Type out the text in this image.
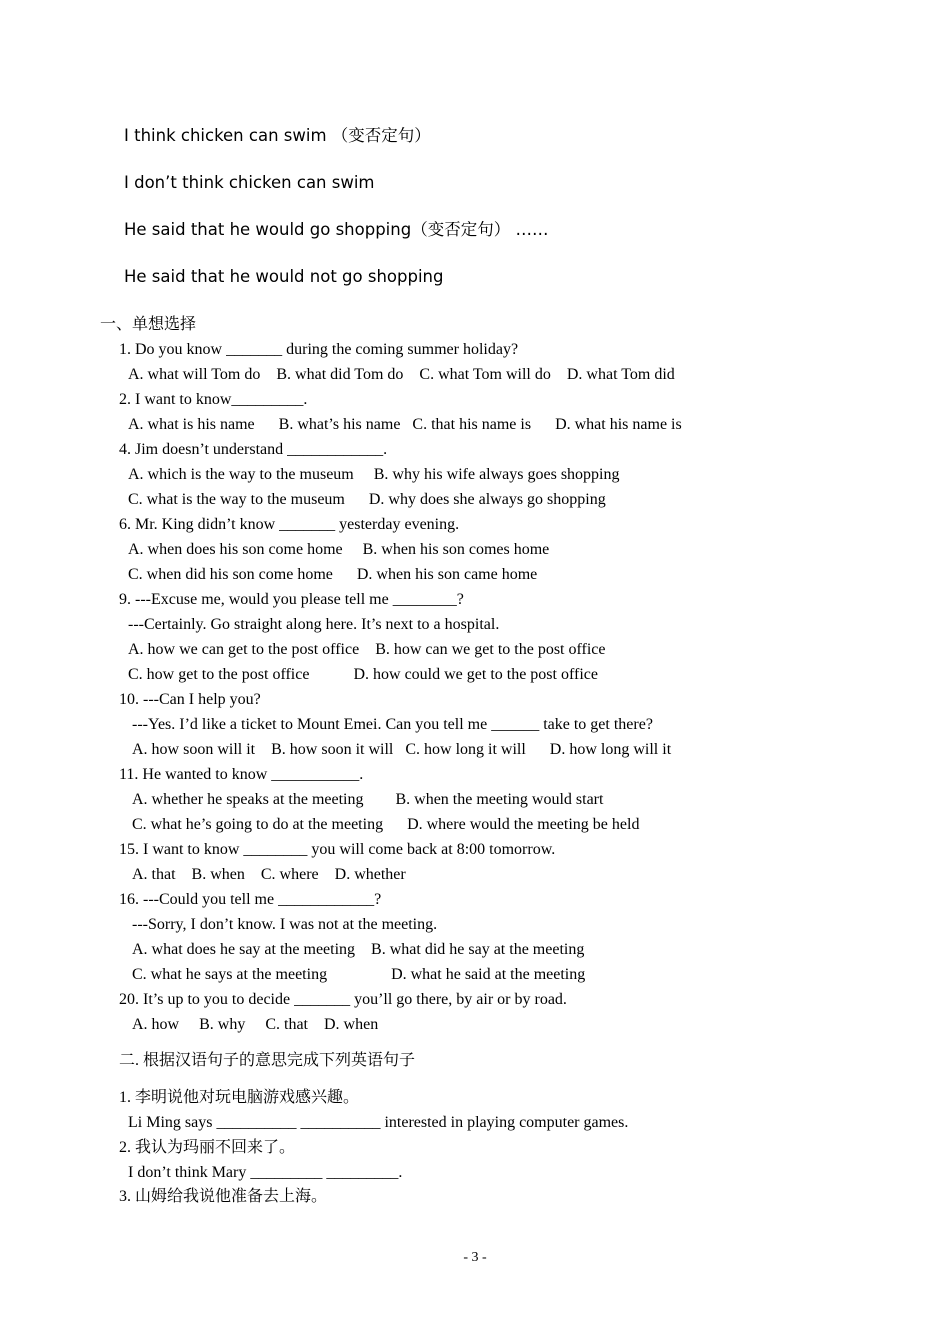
I think chicken can swim （变否定句）
I don’t think chicken can swim
He said that he would go shopping（变否定句） ……
He said that he would not go shopping
一、单想选择
1. Do you know _______ during the coming summer holiday?
A. what will Tom do    B. what did Tom do    C. what Tom will do    D. what Tom did
2. I want to know_________.
A. what is his name      B. what’s his name   C. that his name is      D. what his name is
4. Jim doesn’t understand ____________.
A. which is the way to the museum     B. why his wife always goes shopping
C. what is the way to the museum      D. why does she always go shopping
6. Mr. King didn’t know _______ yesterday evening.
A. when does his son come home     B. when his son comes home
C. when did his son come home      D. when his son came home
9. ---Excuse me, would you please tell me ________?
---Certainly. Go straight along here. It’s next to a hospital.
A. how we can get to the post office    B. how can we get to the post office
C. how get to the post office           D. how could we get to the post office
10. ---Can I help you?
---Yes. I’d like a ticket to Mount Emei. Can you tell me ______ take to get there?
A. how soon will it    B. how soon it will   C. how long it will      D. how long will it
11. He wanted to know ___________.
A. whether he speaks at the meeting        B. when the meeting would start
C. what he’s going to do at the meeting      D. where would the meeting be held
15. I want to know ________ you will come back at 8:00 tomorrow.
A. that    B. when    C. where    D. whether
16. ---Could you tell me ____________?
---Sorry, I don’t know. I was not at the meeting.
A. what does he say at the meeting    B. what did he say at the meeting
C. what he says at the meeting                D. what he said at the meeting
20. It’s up to you to decide _______ you’ll go there, by air or by road.
A. how     B. why     C. that    D. when
二. 根据汉语句子的意思完成下列英语句子
1. 李明说他对玩电脑游戏感兴趣。
Li Ming says __________ __________ interested in playing computer games.
2. 我认为玛丽不回来了。
I don’t think Mary _________ _________.
3. 山姆给我说他准备去上海。
- 3 -
